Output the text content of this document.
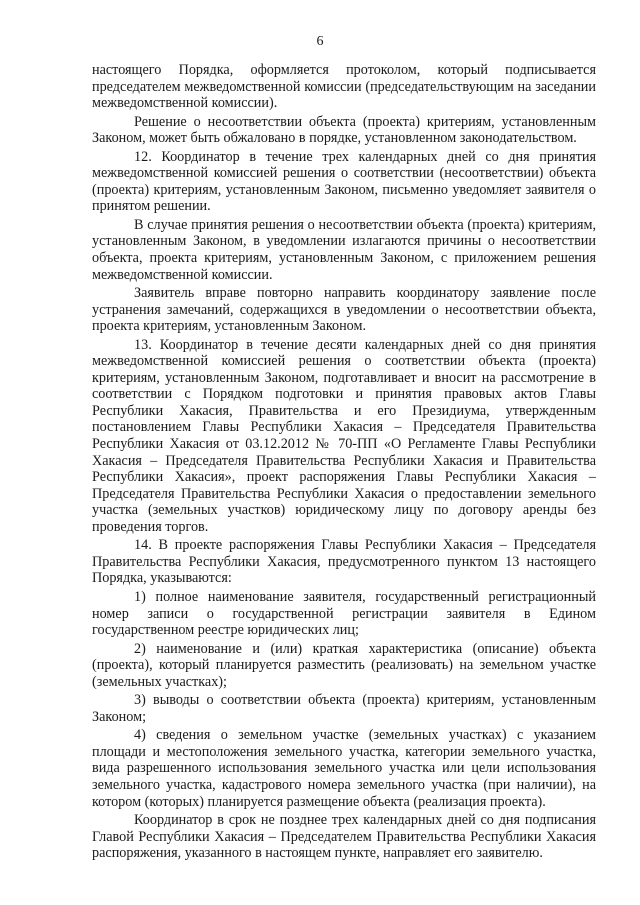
6

настоящего Порядка, оформляется протоколом, который подписывается председателем межведомственной комиссии (председательствующим на заседании межведомственной комиссии).

Решение о несоответствии объекта (проекта) критериям, установленным Законом, может быть обжаловано в порядке, установленном законодательством.

12. Координатор в течение трех календарных дней со дня принятия межведомственной комиссией решения о соответствии (несоответствии) объекта (проекта) критериям, установленным Законом, письменно уведомляет заявителя о принятом решении.

В случае принятия решения о несоответствии объекта (проекта) критериям, установленным Законом, в уведомлении излагаются причины о несоответствии объекта, проекта критериям, установленным Законом, с приложением решения межведомственной комиссии.

Заявитель вправе повторно направить координатору заявление после устранения замечаний, содержащихся в уведомлении о несоответствии объекта, проекта критериям, установленным Законом.

13. Координатор в течение десяти календарных дней со дня принятия межведомственной комиссией решения о соответствии объекта (проекта) критериям, установленным Законом, подготавливает и вносит на рассмотрение в соответствии с Порядком подготовки и принятия правовых актов Главы Республики Хакасия, Правительства и его Президиума, утвержденным постановлением Главы Республики Хакасия – Председателя Правительства Республики Хакасия от 03.12.2012 № 70-ПП «О Регламенте Главы Республики Хакасия – Председателя Правительства Республики Хакасия и Правительства Республики Хакасия», проект распоряжения Главы Республики Хакасия – Председателя Правительства Республики Хакасия о предоставлении земельного участка (земельных участков) юридическому лицу по договору аренды без проведения торгов.

14. В проекте распоряжения Главы Республики Хакасия – Председателя Правительства Республики Хакасия, предусмотренного пунктом 13 настоящего Порядка, указываются:

1) полное наименование заявителя, государственный регистрационный номер записи о государственной регистрации заявителя в Едином государственном реестре юридических лиц;

2) наименование и (или) краткая характеристика (описание) объекта (проекта), который планируется разместить (реализовать) на земельном участке (земельных участках);

3) выводы о соответствии объекта (проекта) критериям, установленным Законом;

4) сведения о земельном участке (земельных участках) с указанием площади и местоположения земельного участка, категории земельного участка, вида разрешенного использования земельного участка или цели использования земельного участка, кадастрового номера земельного участка (при наличии), на котором (которых) планируется размещение объекта (реализация проекта).

Координатор в срок не позднее трех календарных дней со дня подписания Главой Республики Хакасия – Председателем Правительства Республики Хакасия распоряжения, указанного в настоящем пункте, направляет его заявителю.
